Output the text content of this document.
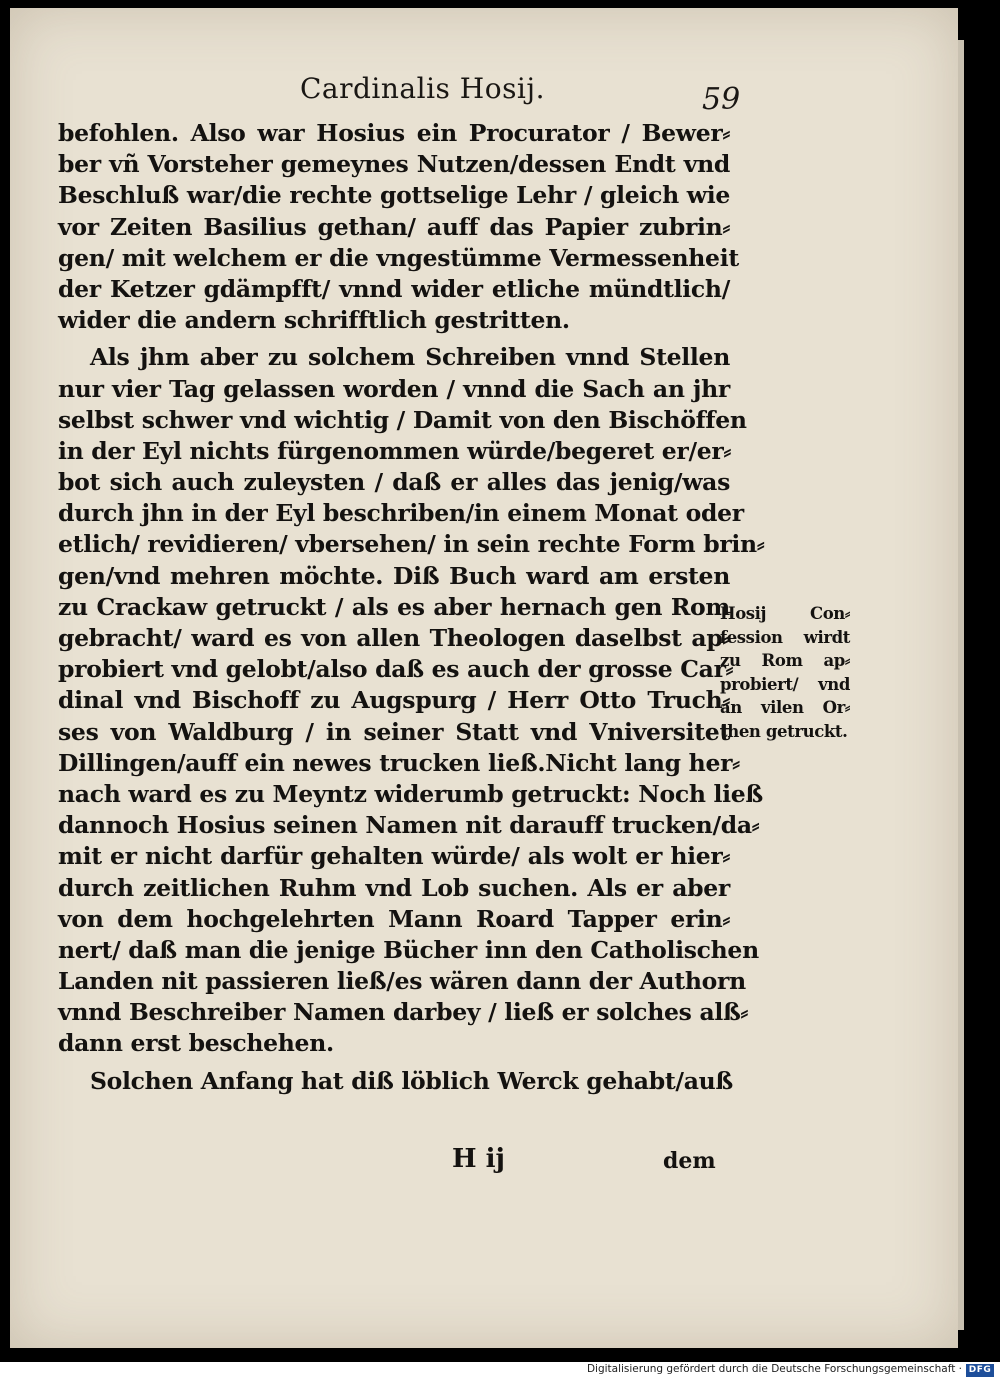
Cardinalis Hosij.	59
befohlen. Also war Hosius ein Procurator / Bewer⸗
ber vñ Vorsteher gemeynes Nutzen/dessen Endt vnd
Beschluß war/die rechte gottselige Lehr / gleich wie
vor Zeiten Basilius gethan/ auff das Papier zubrin⸗
gen/ mit welchem er die vngestümme Vermessenheit
der Ketzer gdämpfft/ vnnd wider etliche mündtlich/
wider die andern schrifftlich gestritten.
Als jhm aber zu solchem Schreiben vnnd Stellen
nur vier Tag gelassen worden / vnnd die Sach an jhr
selbst schwer vnd wichtig / Damit von den Bischöffen
in der Eyl nichts fürgenommen würde/begeret er/er⸗
bot sich auch zuleysten / daß er alles das jenig/was
durch jhn in der Eyl beschriben/in einem Monat oder
etlich/ revidieren/ vbersehen/ in sein rechte Form brin⸗
gen/vnd mehren möchte. Diß Buch ward am ersten
zu Crackaw getruckt / als es aber hernach gen Rom
gebracht/ ward es von allen Theologen daselbst ap⸗
probiert vnd gelobt/also daß es auch der grosse Car⸗
dinal vnd Bischoff zu Augspurg / Herr Otto Truch⸗
ses von Waldburg / in seiner Statt vnd Vniversitet
Dillingen/auff ein newes trucken ließ.Nicht lang her⸗
nach ward es zu Meyntz widerumb getruckt: Noch ließ
dannoch Hosius seinen Namen nit darauff trucken/da⸗
mit er nicht darfür gehalten würde/ als wolt er hier⸗
durch zeitlichen Ruhm vnd Lob suchen. Als er aber
von dem hochgelehrten Mann Roard Tapper erin⸗
nert/ daß man die jenige Bücher inn den Catholischen
Landen nit passieren ließ/es wären dann der Authorn
vnnd Beschreiber Namen darbey / ließ er solches alß⸗
dann erst beschehen.
Solchen Anfang hat diß löblich Werck gehabt/auß
Hosij Con⸗
fession wirdt
zu Rom ap⸗
probiert/ vnd
an vilen Or⸗
then getruckt.
H ij	dem
Digitalisierung gefördert durch die Deutsche Forschungsgemeinschaft · DFG
